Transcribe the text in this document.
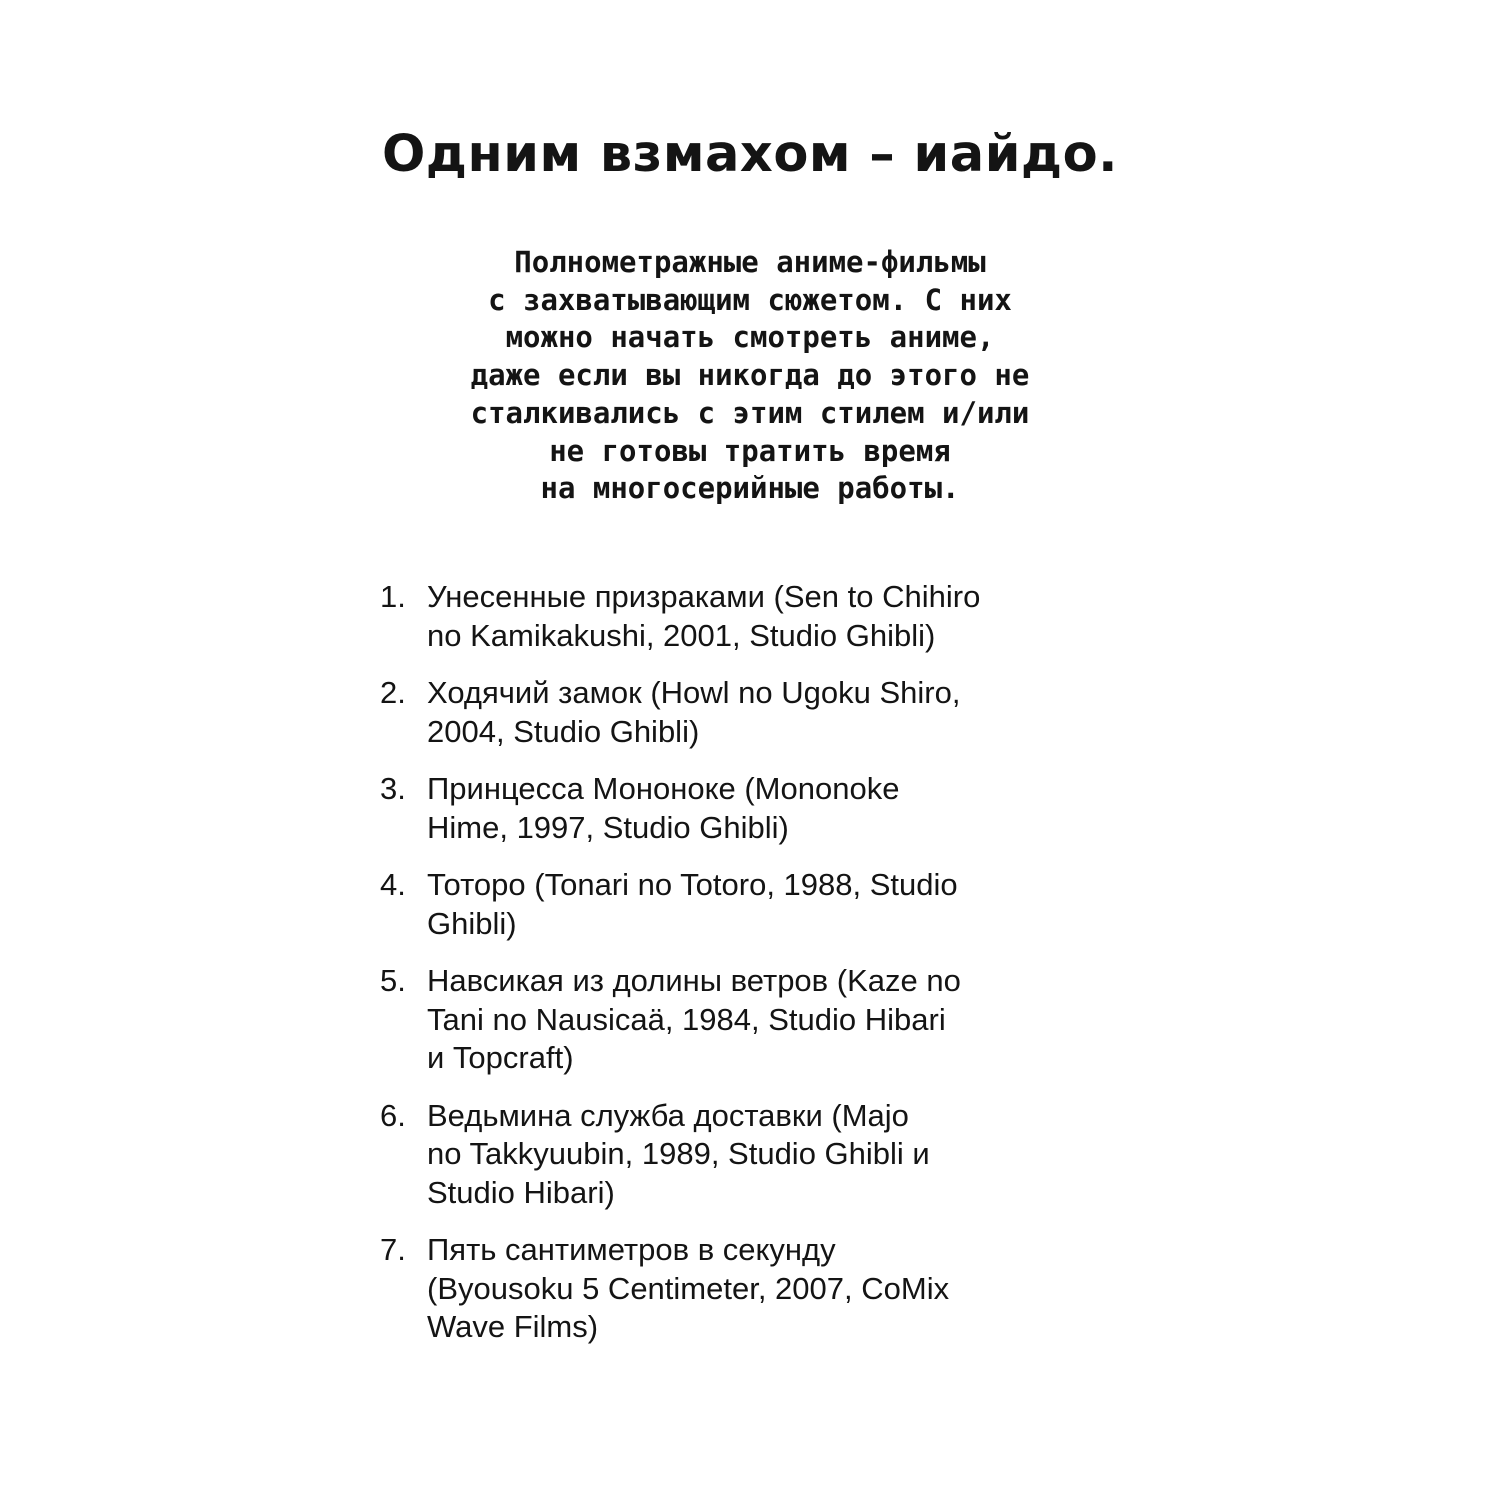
Одним взмахом – иайдо.

Полнометражные аниме-фильмы
с захватывающим сюжетом. С них
можно начать смотреть аниме,
даже если вы никогда до этого не
сталкивались с этим стилем и/или
не готовы тратить время
на многосерийные работы.

1. Унесенные призраками (Sen to Chihiro
no Kamikakushi, 2001, Studio Ghibli)
2. Ходячий замок (Howl no Ugoku Shiro,
2004, Studio Ghibli)
3. Принцесса Мононоке (Mononoke
Hime, 1997, Studio Ghibli)
4. Тоторо (Tonari no Totoro, 1988, Studio
Ghibli)
5. Навсикая из долины ветров (Kaze no
Tani no Nausicaä, 1984, Studio Hibari
и Topcraft)
6. Ведьмина служба доставки (Majo
no Takkyuubin, 1989, Studio Ghibli и
Studio Hibari)
7. Пять сантиметров в секунду
(Byousoku 5 Centimeter, 2007, CoMix
Wave Films)
